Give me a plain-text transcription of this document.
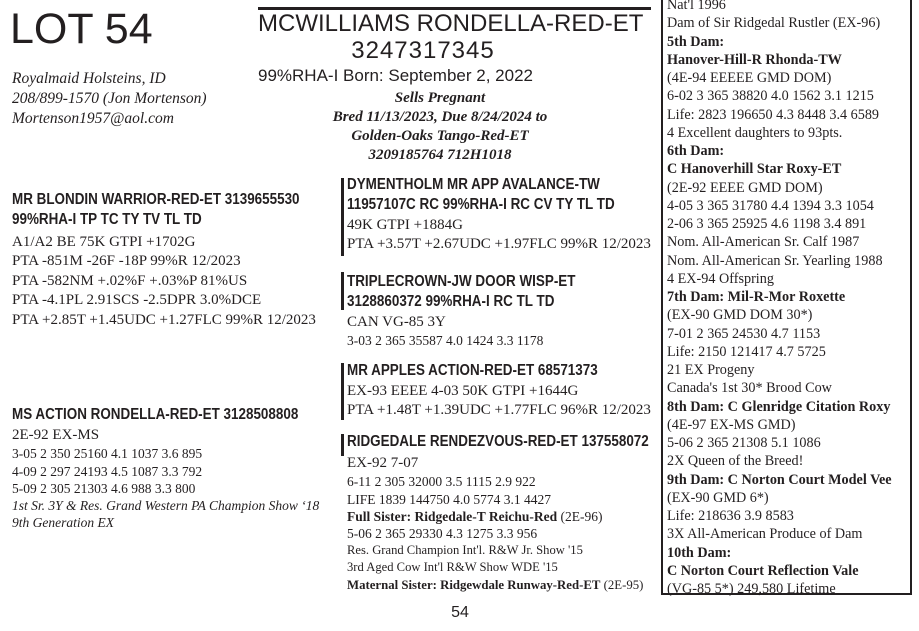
LOT 54	MCWILLIAMS RONDELLA-RED-ET
3247317345
99%RHA-I Born: September 2, 2022
Royalmaid Holsteins, ID
208/899-1570 (Jon Mortenson)
Mortenson1957@aol.com
Sells Pregnant
Bred 11/13/2023, Due 8/24/2024 to
Golden-Oaks Tango-Red-ET
3209185764 712H1018
MR BLONDIN WARRIOR-RED-ET 3139655530
99%RHA-I TP TC TY TV TL TD
A1/A2 BE 75K GTPI +1702G
PTA -851M -26F -18P 99%R 12/2023
PTA -582NM +.02%F +.03%P 81%US
PTA -4.1PL 2.91SCS -2.5DPR 3.0%DCE
PTA +2.85T +1.45UDC +1.27FLC 99%R 12/2023
MS ACTION RONDELLA-RED-ET 3128508808
2E-92 EX-MS
3-05 2 350 25160 4.1 1037 3.6 895
4-09 2 297 24193 4.5 1087 3.3 792
5-09 2 305 21303 4.6 988 3.3 800
1st Sr. 3Y & Res. Grand Western PA Champion Show ‘18
9th Generation EX
DYMENTHOLM MR APP AVALANCE-TW
11957107C RC 99%RHA-I RC CV TY TL TD
49K GTPI +1884G
PTA +3.57T +2.67UDC +1.97FLC 99%R 12/2023
TRIPLECROWN-JW DOOR WISP-ET
3128860372 99%RHA-I RC TL TD
CAN VG-85 3Y
3-03 2 365 35587 4.0 1424 3.3 1178
MR APPLES ACTION-RED-ET 68571373
EX-93 EEEE 4-03 50K GTPI +1644G
PTA +1.48T +1.39UDC +1.77FLC 96%R 12/2023
RIDGEDALE RENDEZVOUS-RED-ET 137558072
EX-92 7-07
6-11 2 305 32000 3.5 1115 2.9 922
LIFE 1839 144750 4.0 5774 3.1 4427
Full Sister: Ridgedale-T Reichu-Red (2E-96)
5-06 2 365 29330 4.3 1275 3.3 956
Res. Grand Champion Int'l. R&W Jr. Show '15
3rd Aged Cow Int'l R&W Show WDE '15
Maternal Sister: Ridgewdale Runway-Red-ET (2E-95)
Nat'l 1996
Dam of Sir Ridgedal Rustler (EX-96)
5th Dam:
Hanover-Hill-R Rhonda-TW
(4E-94 EEEEE GMD DOM)
6-02 3 365 38820 4.0 1562 3.1 1215
Life: 2823 196650 4.3 8448 3.4 6589
4 Excellent daughters to 93pts.
6th Dam:
C Hanoverhill Star Roxy-ET
(2E-92 EEEE GMD DOM)
4-05 3 365 31780 4.4 1394 3.3 1054
2-06 3 365 25925 4.6 1198 3.4 891
Nom. All-American Sr. Calf 1987
Nom. All-American Sr. Yearling 1988
4 EX-94 Offspring
7th Dam: Mil-R-Mor Roxette
(EX-90 GMD DOM 30*)
7-01 2 365 24530 4.7 1153
Life: 2150 121417 4.7 5725
21 EX Progeny
Canada's 1st 30* Brood Cow
8th Dam: C Glenridge Citation Roxy
(4E-97 EX-MS GMD)
5-06 2 365 21308 5.1 1086
2X Queen of the Breed!
9th Dam: C Norton Court Model Vee
(EX-90 GMD 6*)
Life: 218636 3.9 8583
3X All-American Produce of Dam
10th Dam:
C Norton Court Reflection Vale
(VG-85 5*) 249,580 Lifetime
54
